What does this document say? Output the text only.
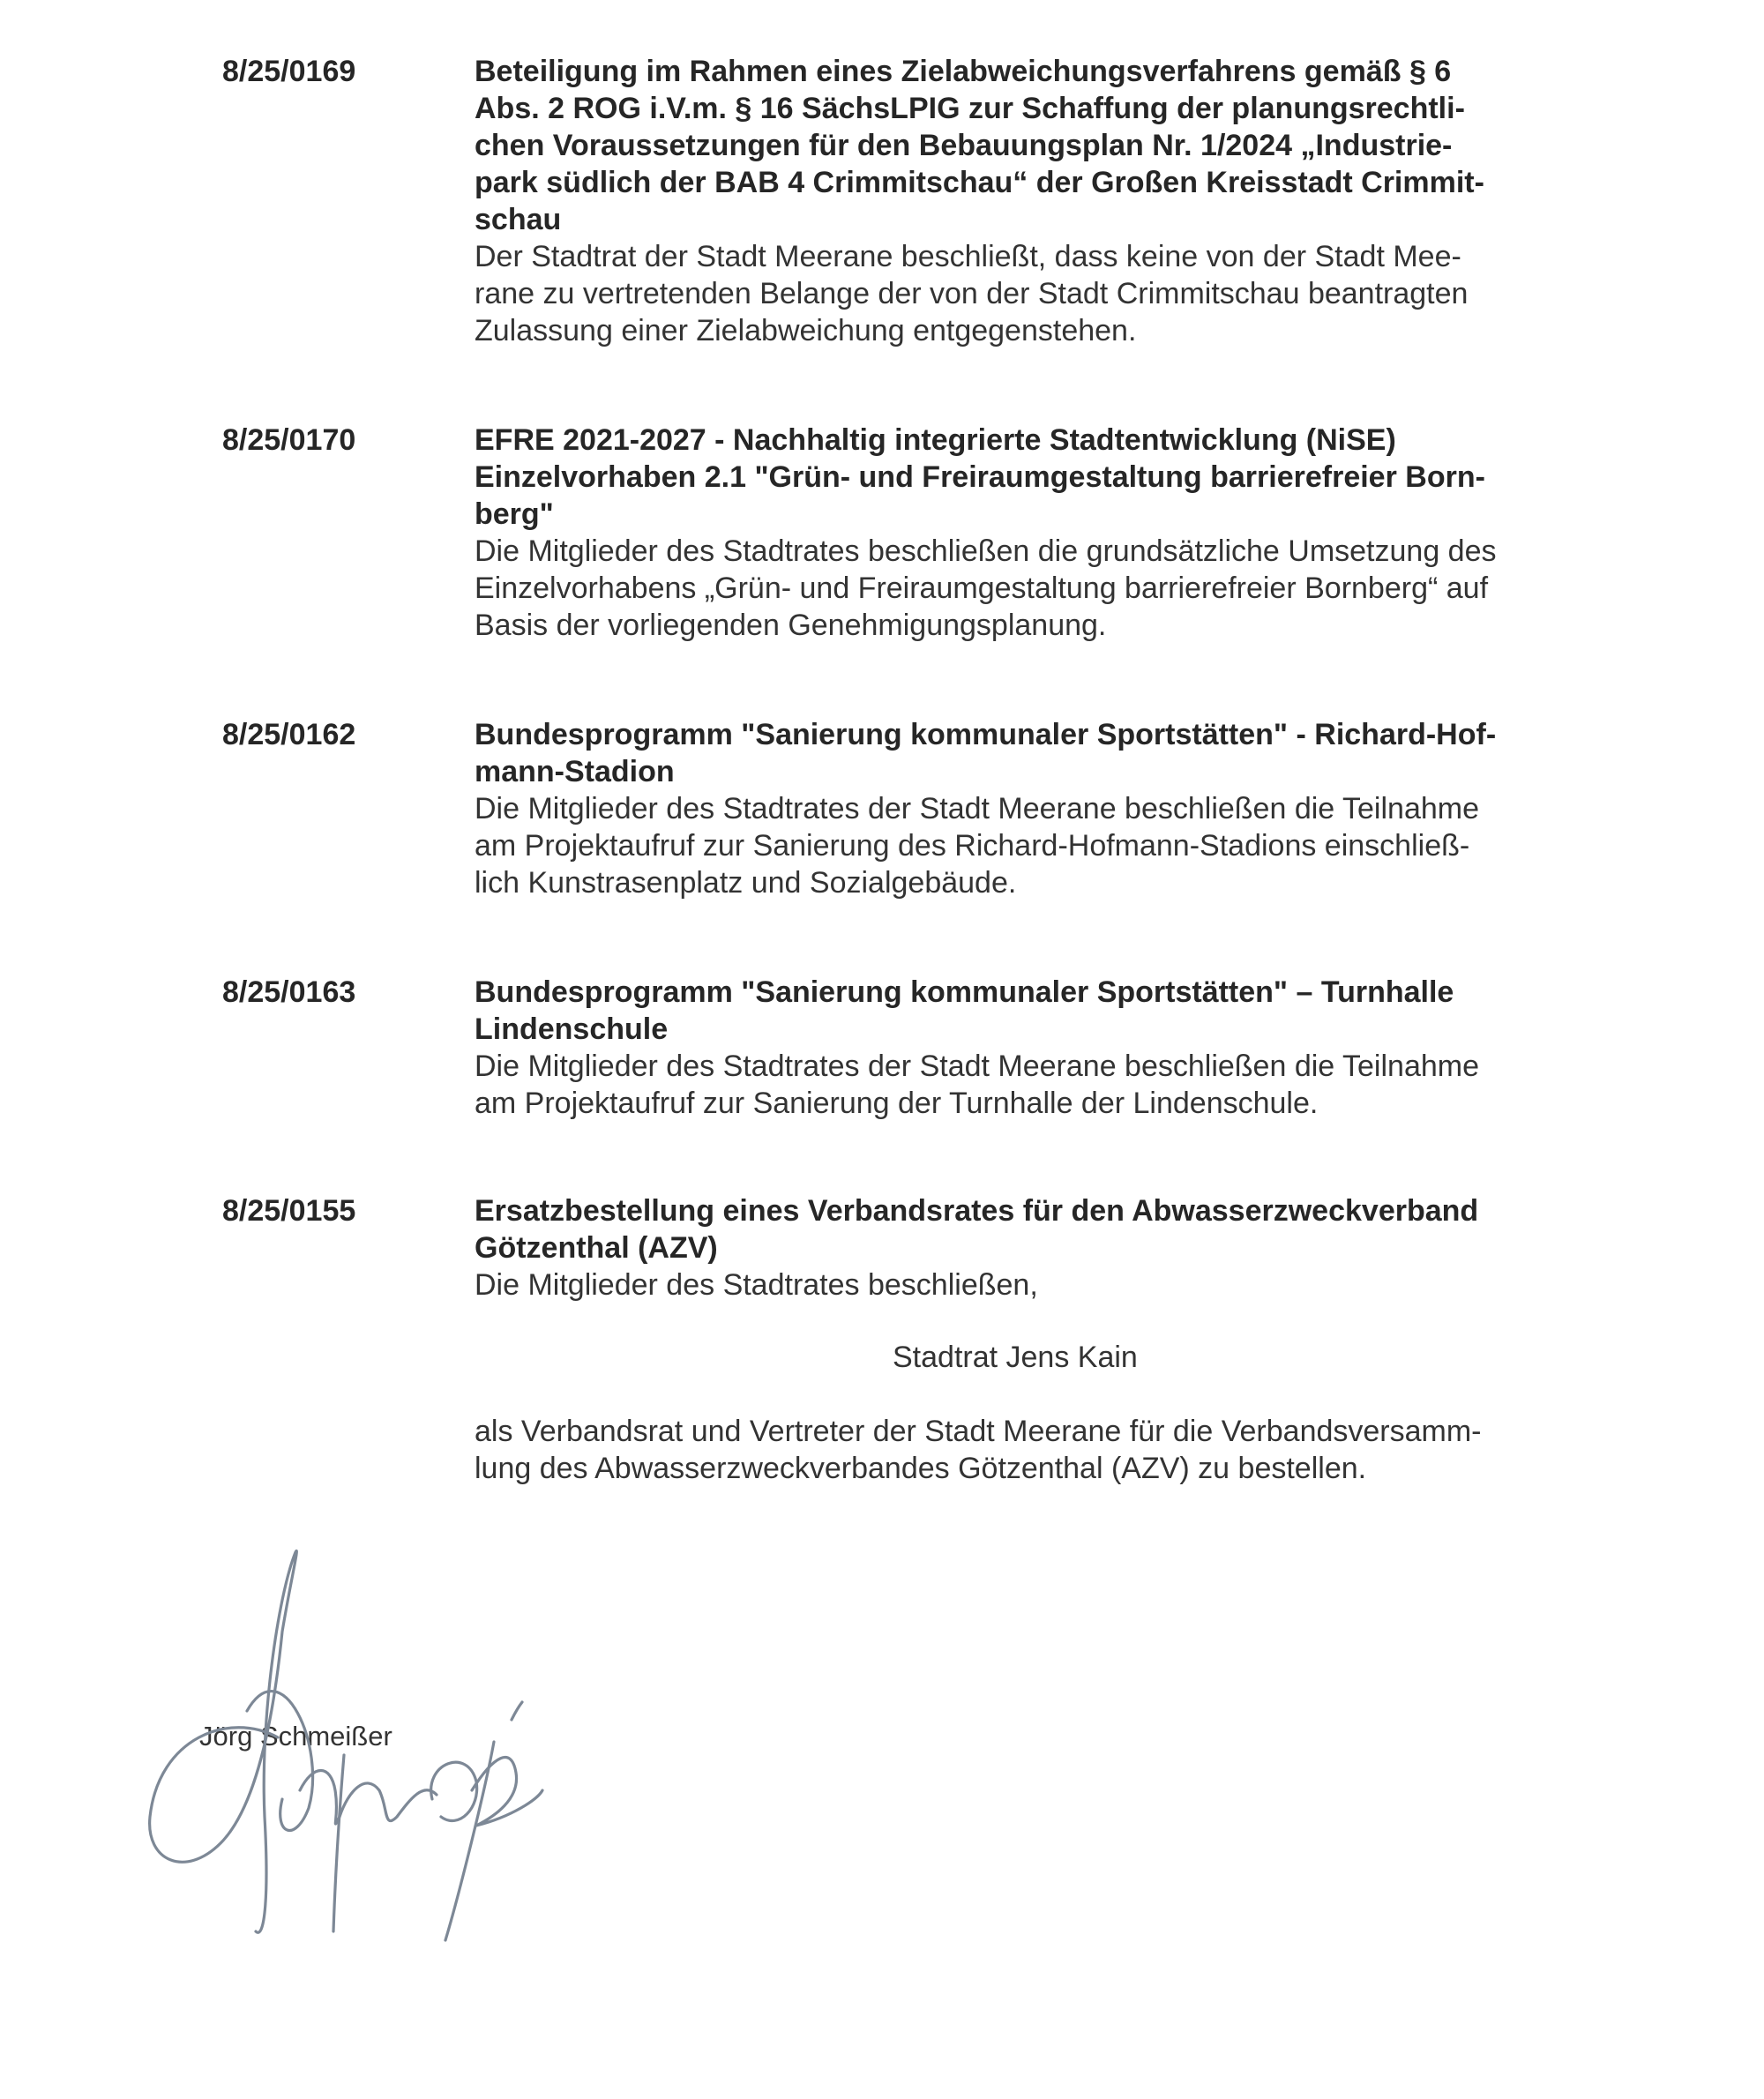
8/25/0169	Beteiligung im Rahmen eines Zielabweichungsverfahrens gemäß § 6
Abs. 2 ROG i.V.m. § 16 SächsLPIG zur Schaffung der planungsrechtli-
chen Voraussetzungen für den Bebauungsplan Nr. 1/2024 „Industrie-
park südlich der BAB 4 Crimmitschau“ der Großen Kreisstadt Crimmit-
schau

Der Stadtrat der Stadt Meerane beschließt, dass keine von der Stadt Mee-
rane zu vertretenden Belange der von der Stadt Crimmitschau beantragten
Zulassung einer Zielabweichung entgegenstehen.

8/25/0170	EFRE 2021-2027 - Nachhaltig integrierte Stadtentwicklung (NiSE)
Einzelvorhaben 2.1 "Grün- und Freiraumgestaltung barrierefreier Born-
berg"

Die Mitglieder des Stadtrates beschließen die grundsätzliche Umsetzung des
Einzelvorhabens „Grün- und Freiraumgestaltung barrierefreier Bornberg“ auf
Basis der vorliegenden Genehmigungsplanung.

8/25/0162	Bundesprogramm "Sanierung kommunaler Sportstätten" - Richard-Hof-
mann-Stadion

Die Mitglieder des Stadtrates der Stadt Meerane beschließen die Teilnahme
am Projektaufruf zur Sanierung des Richard-Hofmann-Stadions einschließ-
lich Kunstrasenplatz und Sozialgebäude.

8/25/0163	Bundesprogramm "Sanierung kommunaler Sportstätten" – Turnhalle
Lindenschule

Die Mitglieder des Stadtrates der Stadt Meerane beschließen die Teilnahme
am Projektaufruf zur Sanierung der Turnhalle der Lindenschule.

8/25/0155	Ersatzbestellung eines Verbandsrates für den Abwasserzweckverband
Götzenthal (AZV)

Die Mitglieder des Stadtrates beschließen,

Stadtrat Jens Kain

als Verbandsrat und Vertreter der Stadt Meerane für die Verbandsversamm-
lung des Abwasserzweckverbandes Götzenthal (AZV) zu bestellen.

Jörg Schmeißer
